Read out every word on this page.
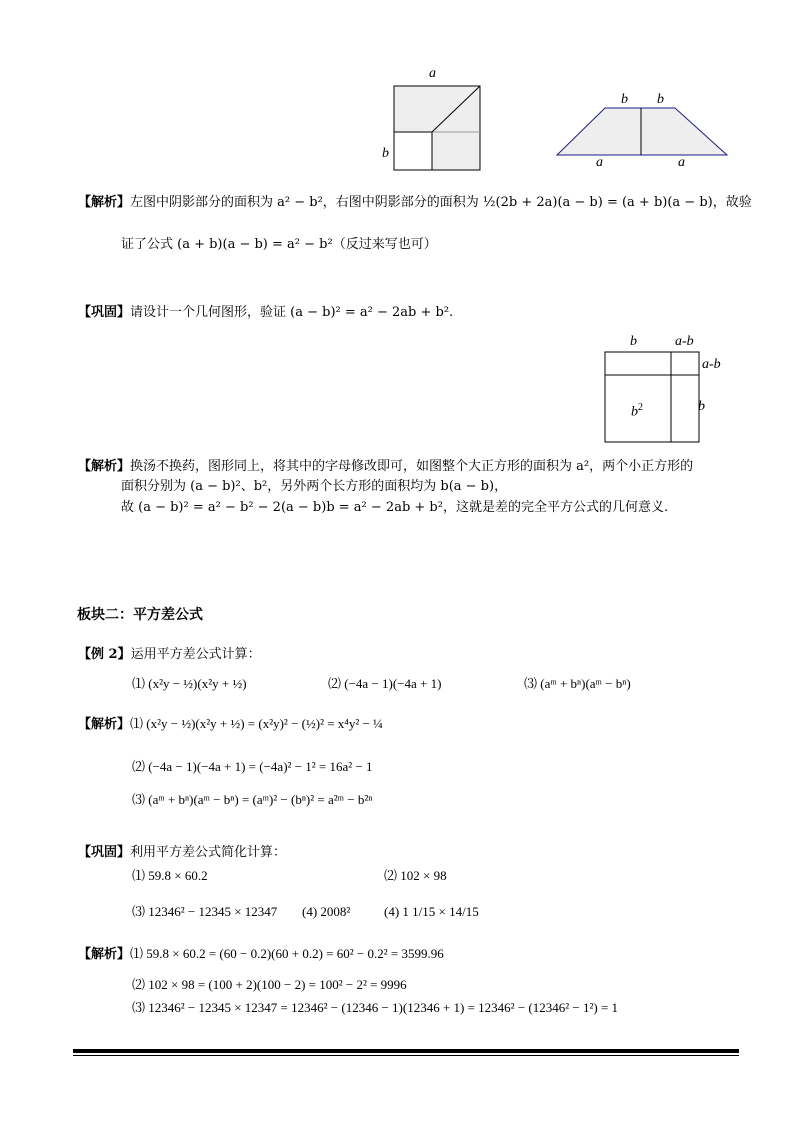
a
b
b b
a	a
【解析】左图中阴影部分的面积为 a² − b²，右图中阴影部分的面积为 ½(2b + 2a)(a − b) = (a + b)(a − b)，故验
证了公式 (a + b)(a − b) = a² − b²（反过来写也可）
【巩固】请设计一个几何图形，验证 (a − b)² = a² − 2ab + b².
b	a-b
a-b
b
$b^2$
【解析】换汤不换药，图形同上，将其中的字母修改即可，如图整个大正方形的面积为 a²，两个小正方形的
面积分别为 (a − b)²、b²，另外两个长方形的面积均为 b(a − b)，
故 (a − b)² = a² − b² − 2(a − b)b = a² − 2ab + b²，这就是差的完全平方公式的几何意义.
板块二：平方差公式
【例 2】运用平方差公式计算：
⑴ (x²y − ½)(x²y + ½)	⑵ (−4a − 1)(−4a + 1)	⑶ (aᵐ + bⁿ)(aᵐ − bⁿ)
【解析】⑴ (x²y − ½)(x²y + ½) = (x²y)² − (½)² = x⁴y² − ¼
⑵ (−4a − 1)(−4a + 1) = (−4a)² − 1² = 16a² − 1
⑶ (aᵐ + bⁿ)(aᵐ − bⁿ) = (aᵐ)² − (bⁿ)² = a²ᵐ − b²ⁿ
【巩固】利用平方差公式简化计算：
⑴ 59.8 × 60.2	⑵ 102 × 98
⑶ 12346² − 12345 × 12347 (4) 2008²	(4) 1 1/15 × 14/15
【解析】⑴ 59.8 × 60.2 = (60 − 0.2)(60 + 0.2) = 60² − 0.2² = 3599.96
⑵ 102 × 98 = (100 + 2)(100 − 2) = 100² − 2² = 9996
⑶ 12346² − 12345 × 12347 = 12346² − (12346 − 1)(12346 + 1) = 12346² − (12346² − 1²) = 1
